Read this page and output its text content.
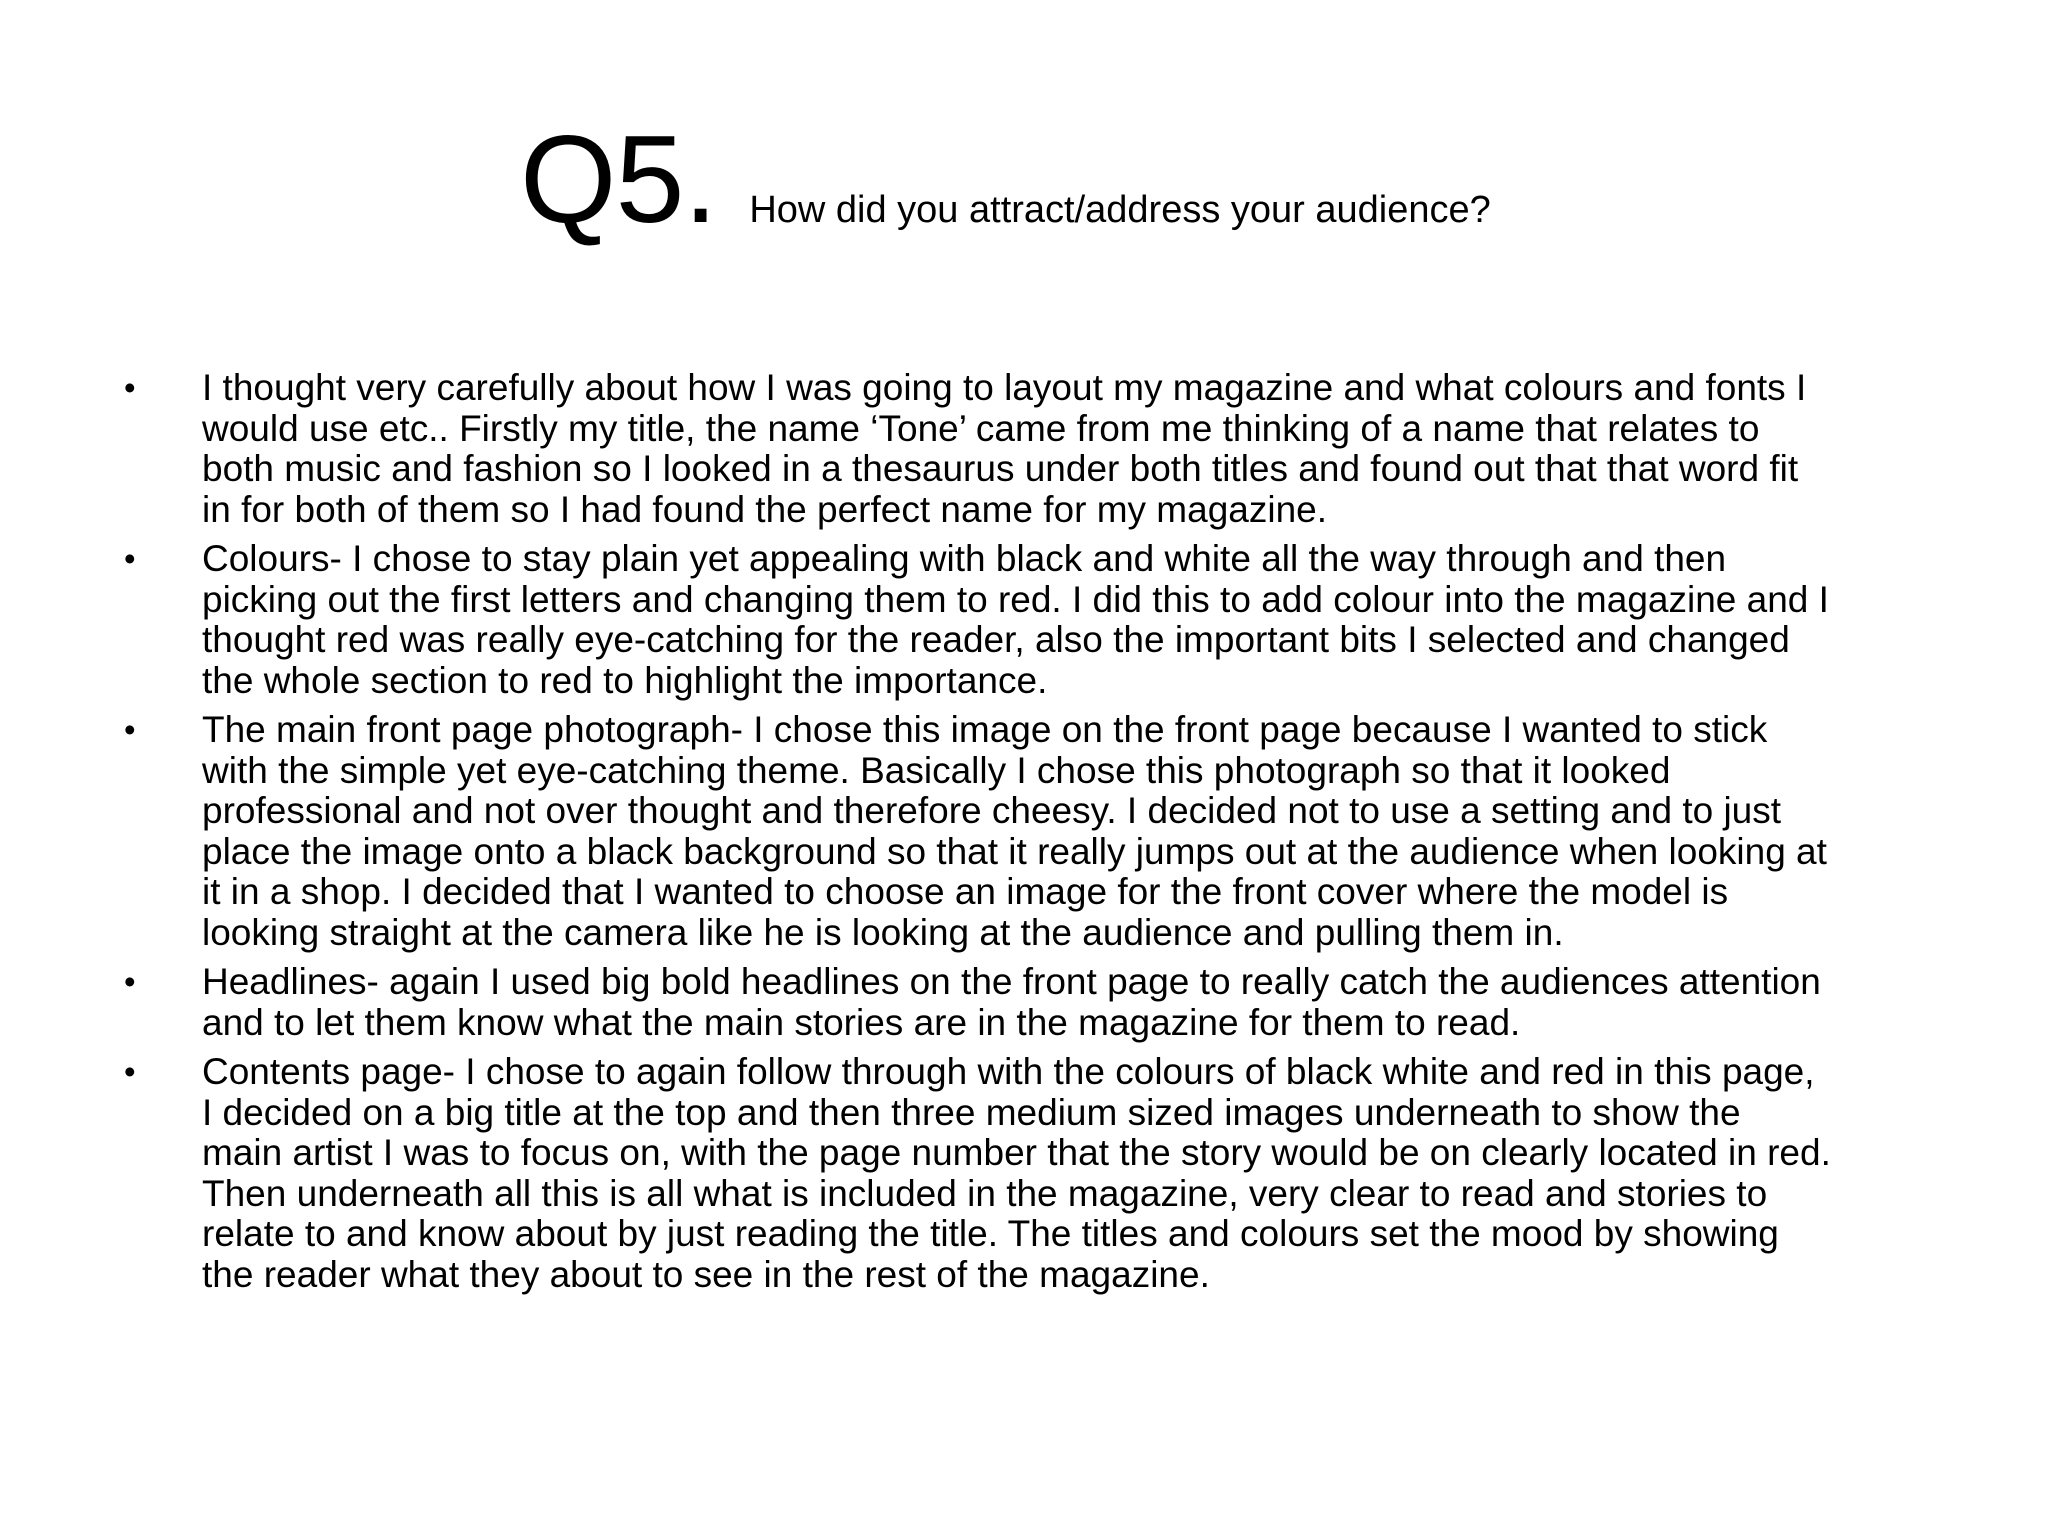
Q5. How did you attract/address your audience?
• I thought very carefully about how I was going to layout my magazine and what colours and fonts I
would use etc.. Firstly my title, the name ‘Tone’ came from me thinking of a name that relates to
both music and fashion so I looked in a thesaurus under both titles and found out that that word fit
in for both of them so I had found the perfect name for my magazine.
• Colours- I chose to stay plain yet appealing with black and white all the way through and then
picking out the first letters and changing them to red. I did this to add colour into the magazine and I
thought red was really eye-catching for the reader, also the important bits I selected and changed
the whole section to red to highlight the importance.
• The main front page photograph- I chose this image on the front page because I wanted to stick
with the simple yet eye-catching theme. Basically I chose this photograph so that it looked
professional and not over thought and therefore cheesy. I decided not to use a setting and to just
place the image onto a black background so that it really jumps out at the audience when looking at
it in a shop. I decided that I wanted to choose an image for the front cover where the model is
looking straight at the camera like he is looking at the audience and pulling them in.
• Headlines- again I used big bold headlines on the front page to really catch the audiences attention
and to let them know what the main stories are in the magazine for them to read.
• Contents page- I chose to again follow through with the colours of black white and red in this page,
I decided on a big title at the top and then three medium sized images underneath to show the
main artist I was to focus on, with the page number that the story would be on clearly located in red.
Then underneath all this is all what is included in the magazine, very clear to read and stories to
relate to and know about by just reading the title. The titles and colours set the mood by showing
the reader what they about to see in the rest of the magazine.
